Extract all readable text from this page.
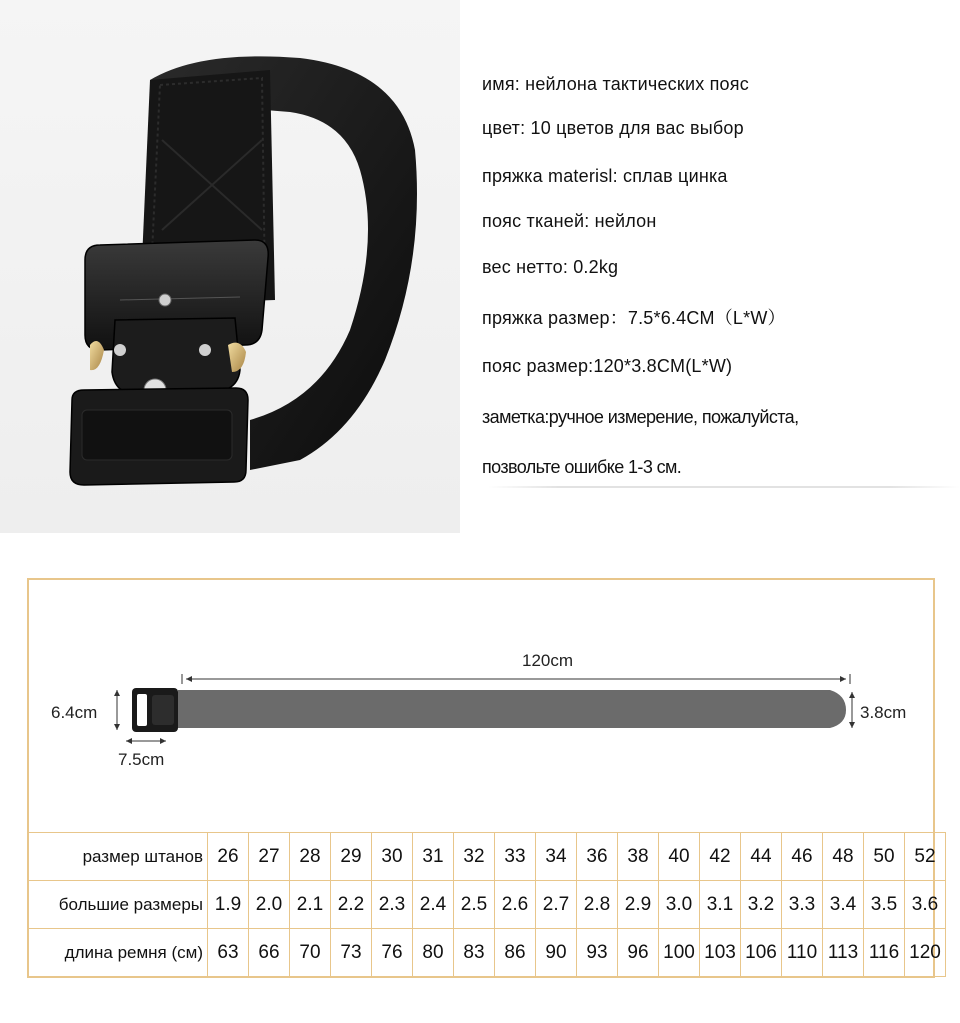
имя: нейлона тактических пояс
цвет: 10 цветов для вас выбор
пряжка materisl: сплав цинка
пояс тканей: нейлон
вес нетто: 0.2kg
пряжка размер：7.5*6.4CM（L*W）
пояс размер:120*3.8CM(L*W)
заметка:ручное измерение, пожалуйста,
позвольте ошибке 1-3 см.
120cm
6.4cm
7.5cm
3.8cm
размер штанов	26	27	28	29	30	31	32	33	34	36	38	40	42	44	46	48	50	52
большие размеры	1.9	2.0	2.1	2.2	2.3	2.4	2.5	2.6	2.7	2.8	2.9	3.0	3.1	3.2	3.3	3.4	3.5	3.6
длина ремня (см)	63	66	70	73	76	80	83	86	90	93	96	100	103	106	110	113	116	120
